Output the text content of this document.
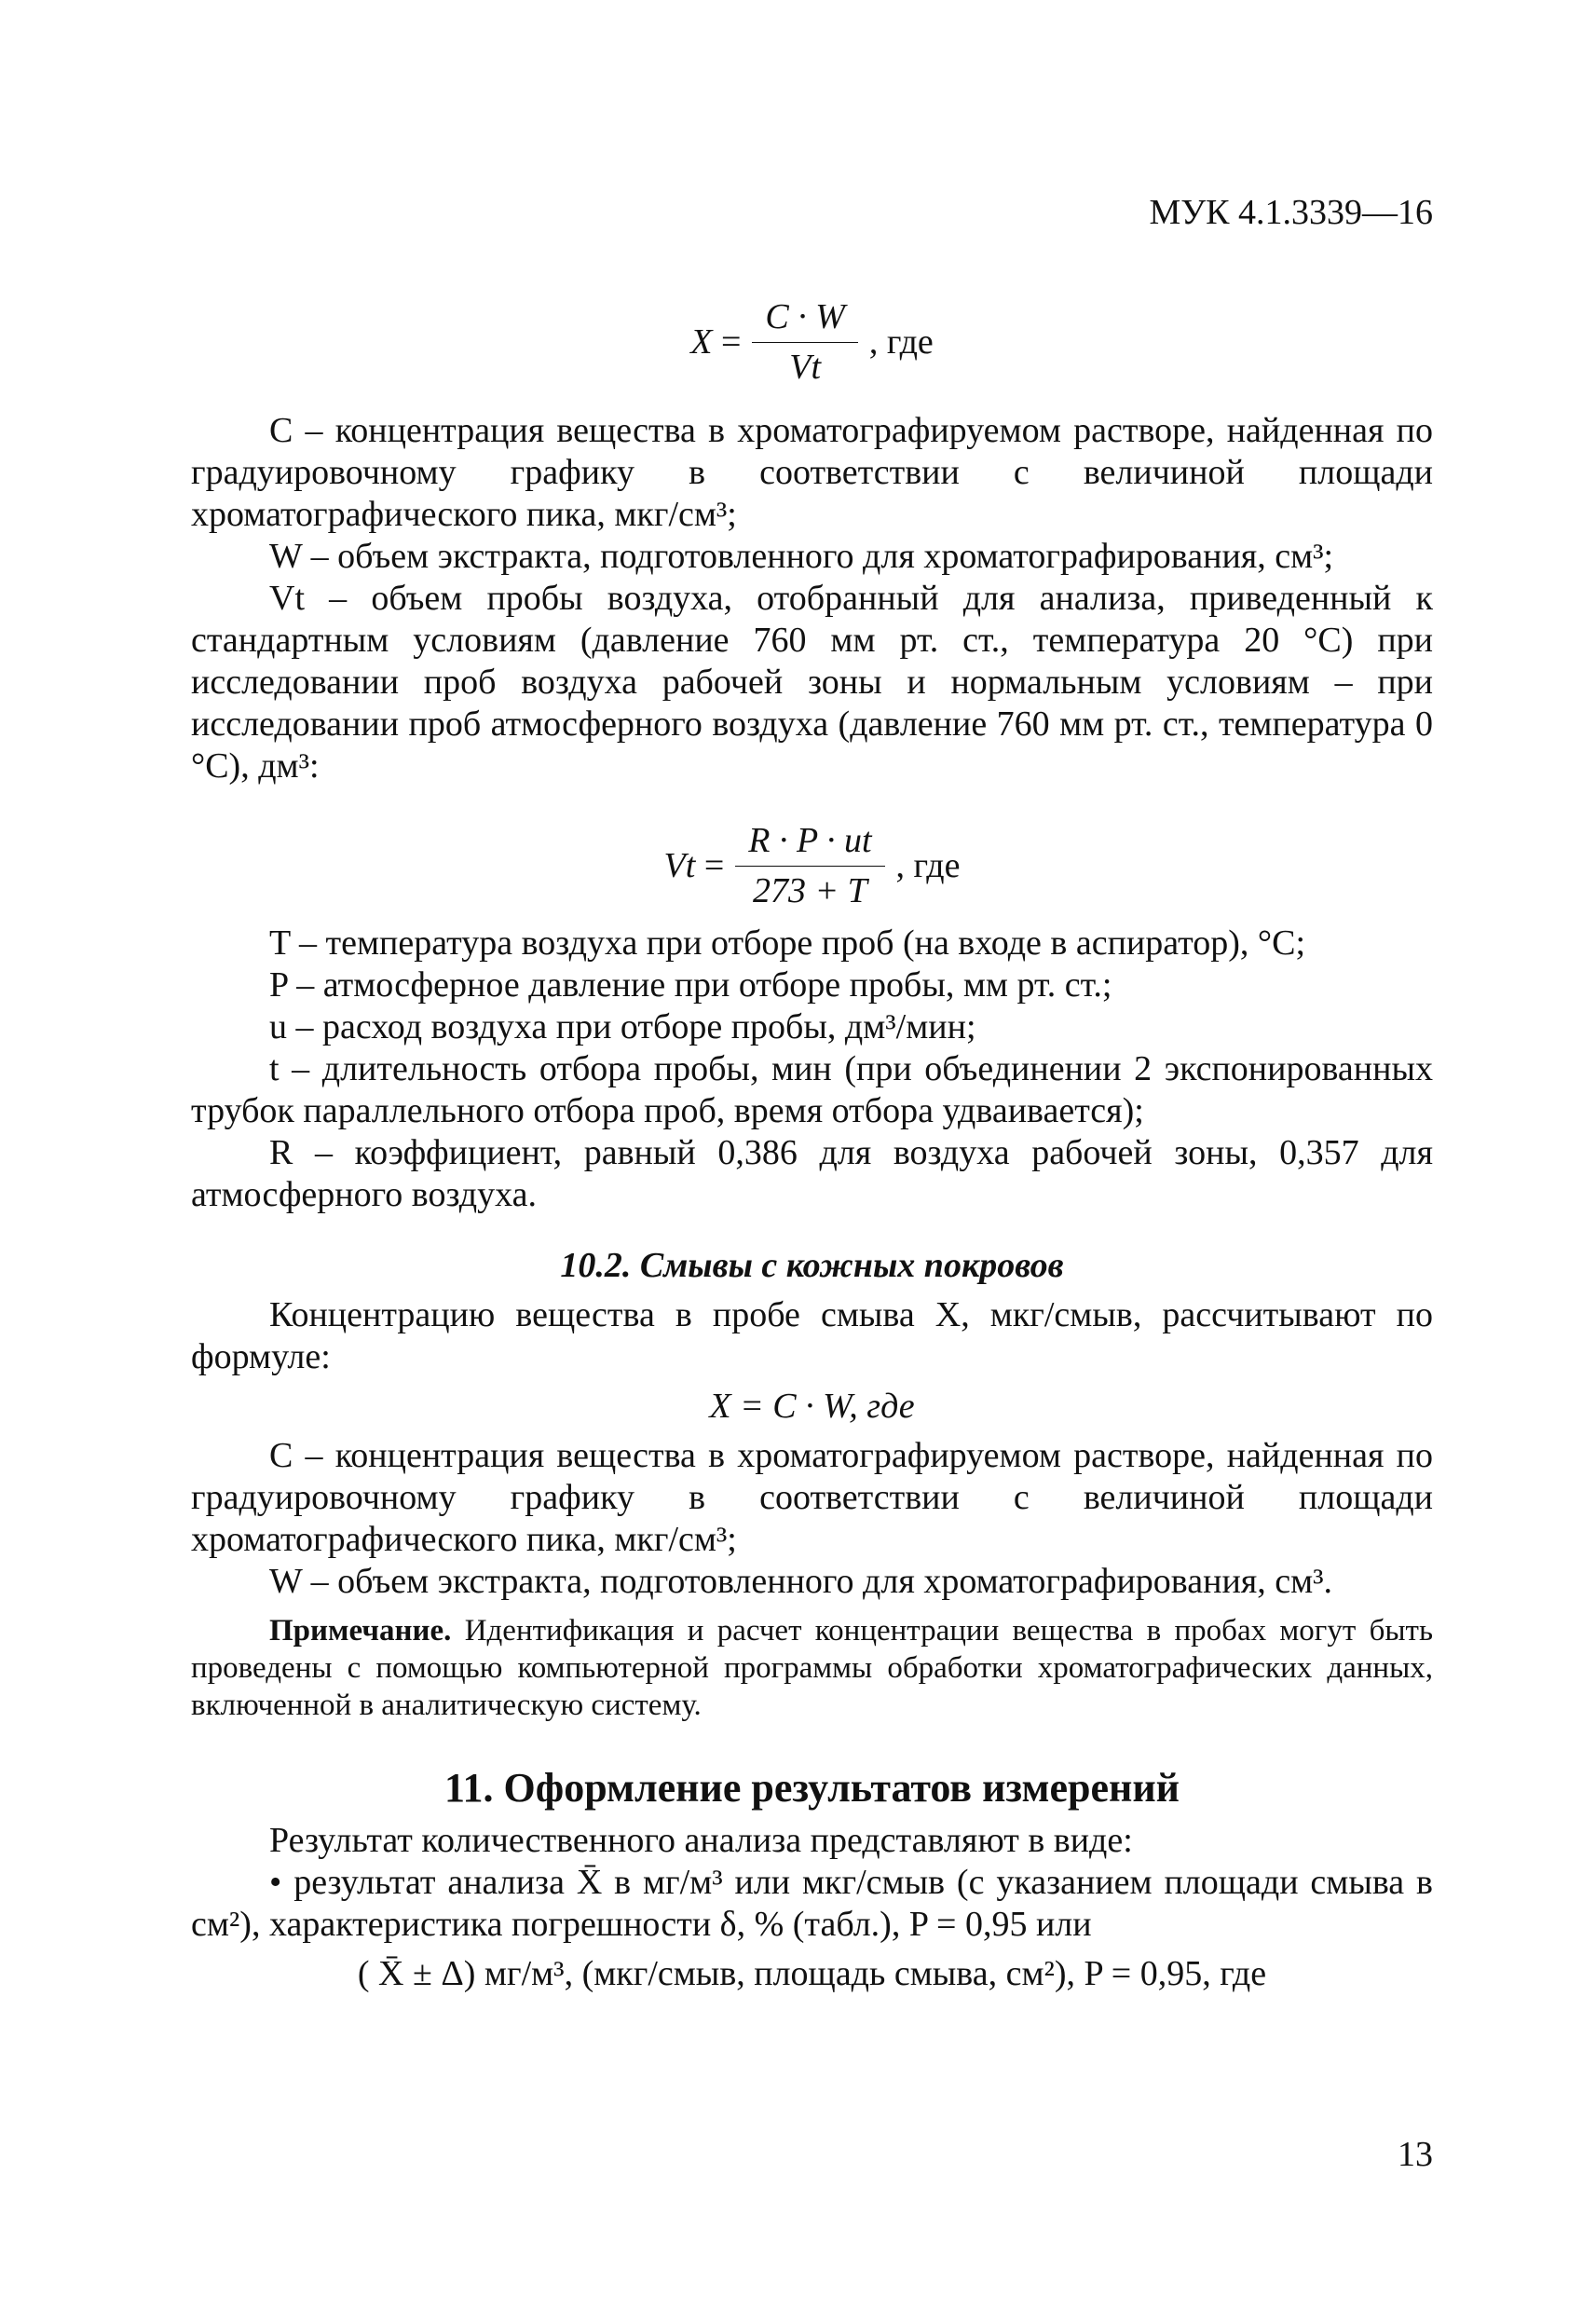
МУК 4.1.3339—16
$X = \frac{C \cdot W}{Vt}$ , где

C – концентрация вещества в хроматографируемом растворе, найденная по градуировочному графику в соответствии с величиной площади хроматографического пика, мкг/см³;

W – объем экстракта, подготовленного для хроматографирования, см³;

Vt – объем пробы воздуха, отобранный для анализа, приведенный к стандартным условиям (давление 760 мм рт. ст., температура 20 °С) при исследовании проб воздуха рабочей зоны и нормальным условиям – при исследовании проб атмосферного воздуха (давление 760 мм рт. ст., температура 0 °С), дм³:

$Vt = \frac{R \cdot P \cdot ut}{273 + T}$ , где

T – температура воздуха при отборе проб (на входе в аспиратор), °С;

P – атмосферное давление при отборе пробы, мм рт. ст.;

u – расход воздуха при отборе пробы, дм³/мин;

t – длительность отбора пробы, мин (при объединении 2 экспонированных трубок параллельного отбора проб, время отбора удваивается);

R – коэффициент, равный 0,386 для воздуха рабочей зоны, 0,357 для атмосферного воздуха.

10.2. Смывы с кожных покровов

Концентрацию вещества в пробе смыва X, мкг/смыв, рассчитывают по формуле:

X = C · W, где

C – концентрация вещества в хроматографируемом растворе, найденная по градуировочному графику в соответствии с величиной площади хроматографического пика, мкг/см³;

W – объем экстракта, подготовленного для хроматографирования, см³.

Примечание. Идентификация и расчет концентрации вещества в пробах могут быть проведены с помощью компьютерной программы обработки хроматографических данных, включенной в аналитическую систему.

11. Оформление результатов измерений

Результат количественного анализа представляют в виде:

• результат анализа X̄ в мг/м³ или мкг/смыв (с указанием площади смыва в см²), характеристика погрешности δ, % (табл.), P = 0,95 или

( X̄ ± Δ) мг/м³, (мкг/смыв, площадь смыва, см²), P = 0,95, где
13
